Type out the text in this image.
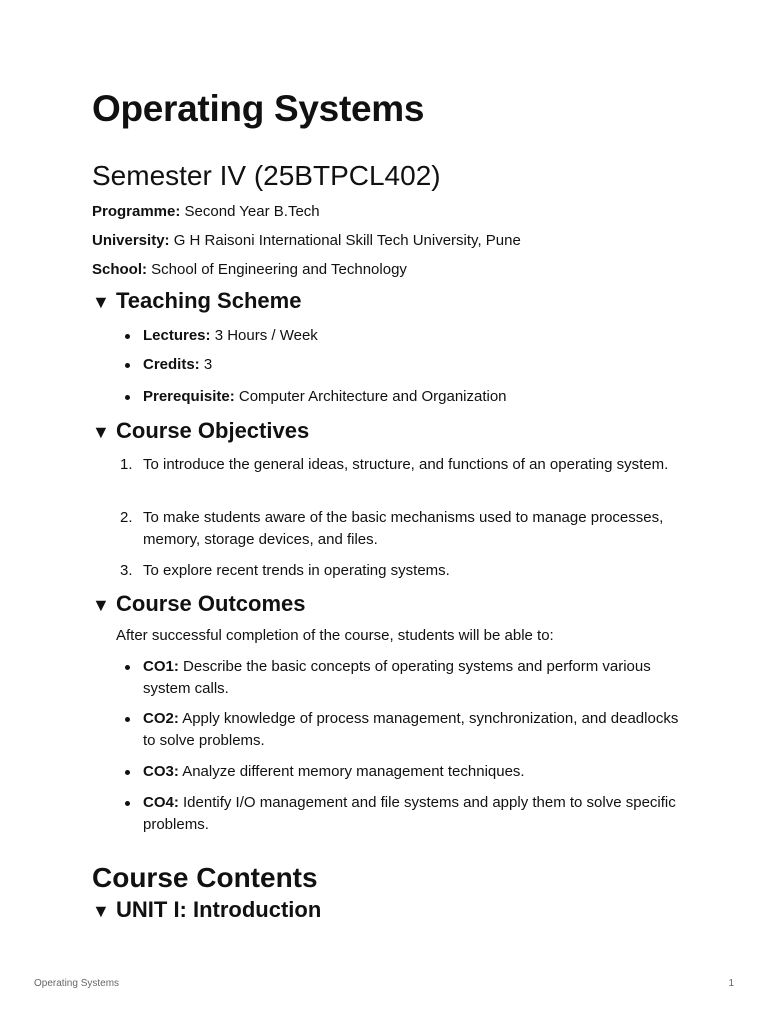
Operating Systems
Semester IV (25BTPCL402)
Programme: Second Year B.Tech
University: G H Raisoni International Skill Tech University, Pune
School: School of Engineering and Technology
▼ Teaching Scheme
Lectures: 3 Hours / Week
Credits: 3
Prerequisite: Computer Architecture and Organization
▼ Course Objectives
1. To introduce the general ideas, structure, and functions of an operating system.
2. To make students aware of the basic mechanisms used to manage processes, memory, storage devices, and files.
3. To explore recent trends in operating systems.
▼ Course Outcomes
After successful completion of the course, students will be able to:
CO1: Describe the basic concepts of operating systems and perform various system calls.
CO2: Apply knowledge of process management, synchronization, and deadlocks to solve problems.
CO3: Analyze different memory management techniques.
CO4: Identify I/O management and file systems and apply them to solve specific problems.
Course Contents
▼ UNIT I: Introduction
Operating Systems	1
